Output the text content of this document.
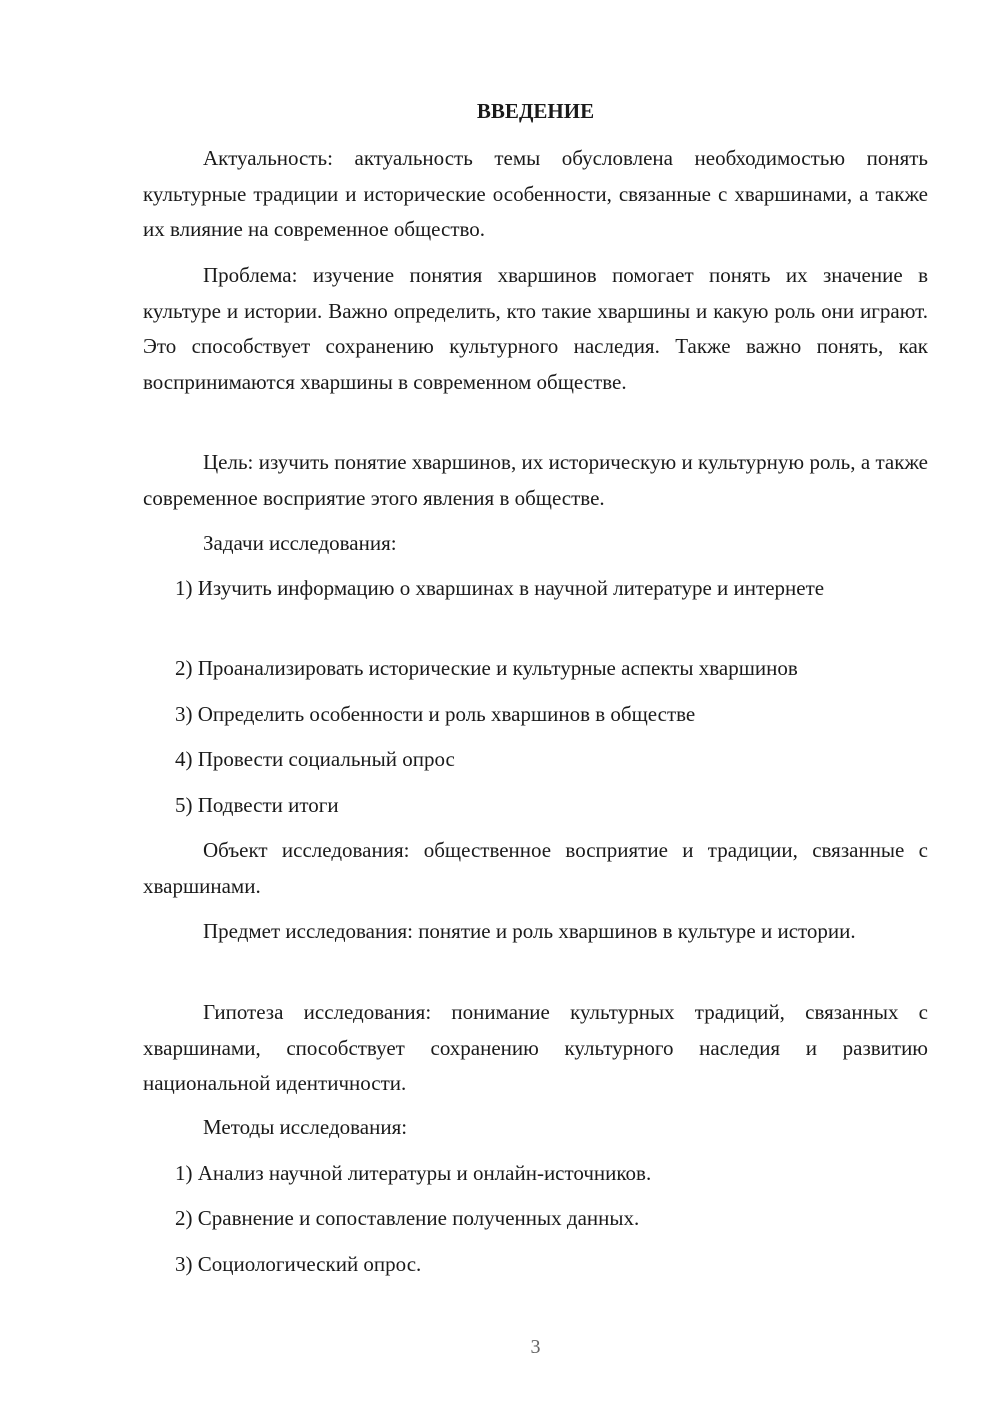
ВВЕДЕНИЕ

Актуальность: актуальность темы обусловлена необходимостью понять культурные традиции и исторические особенности, связанные с хваршинами, а также их влияние на современное общество.

Проблема: изучение понятия хваршинов помогает понять их значение в культуре и истории. Важно определить, кто такие хваршины и какую роль они играют. Это способствует сохранению культурного наследия. Также важно понять, как воспринимаются хваршины в современном обществе.

Цель: изучить понятие хваршинов, их историческую и культурную роль, а также современное восприятие этого явления в обществе.

Задачи исследования:

1) Изучить информацию о хваршинах в научной литературе и интернете

2) Проанализировать исторические и культурные аспекты хваршинов

3) Определить особенности и роль хваршинов в обществе

4) Провести социальный опрос

5) Подвести итоги

Объект исследования: общественное восприятие и традиции, связанные с хваршинами.

Предмет исследования: понятие и роль хваршинов в культуре и истории.

Гипотеза исследования: понимание культурных традиций, связанных с хваршинами, способствует сохранению культурного наследия и развитию национальной идентичности.

Методы исследования:

1) Анализ научной литературы и онлайн-источников.

2) Сравнение и сопоставление полученных данных.

3) Социологический опрос.

3
